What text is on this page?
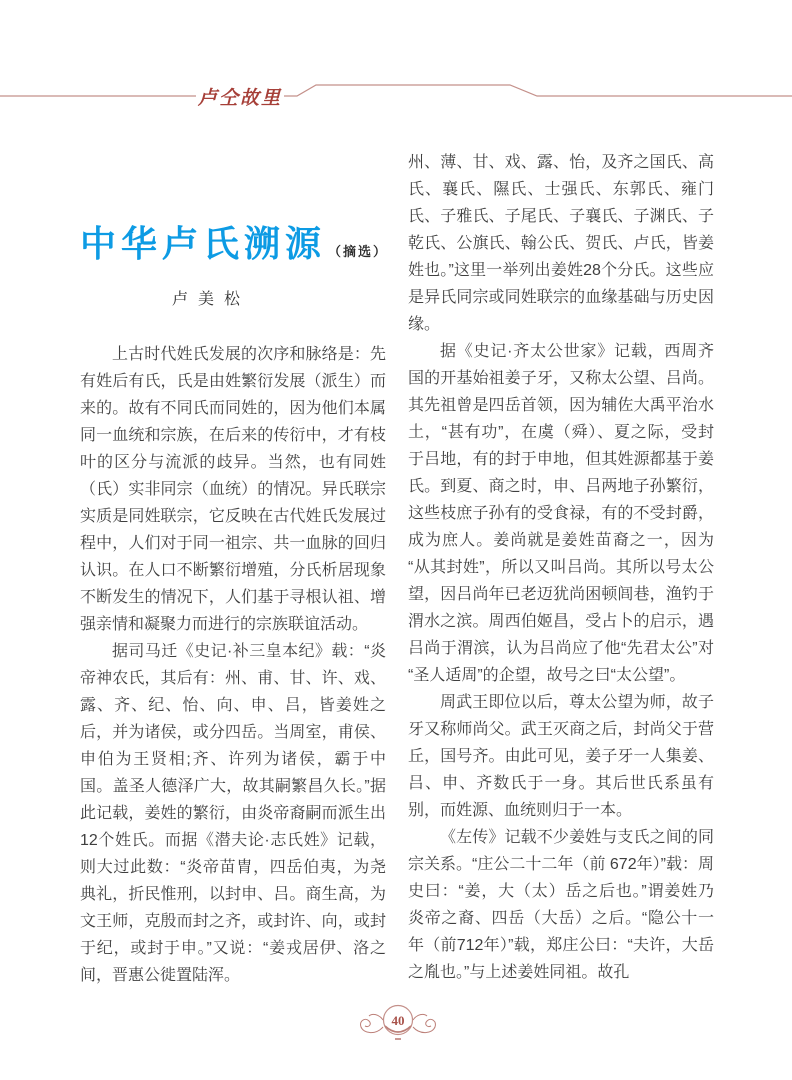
卢仝故里
中华卢氏溯源 （摘选）
卢美松

上古时代姓氏发展的次序和脉络是：先有姓后有氏，氏是由姓繁衍发展（派生）而来的。故有不同氏而同姓的，因为他们本属同一血统和宗族，在后来的传衍中，才有枝叶的区分与流派的歧异。当然，也有同姓（氏）实非同宗（血统）的情况。异氏联宗实质是同姓联宗，它反映在古代姓氏发展过程中，人们对于同一祖宗、共一血脉的回归认识。在人口不断繁衍增殖，分氏析居现象不断发生的情况下，人们基于寻根认祖、增强亲情和凝聚力而进行的宗族联谊活动。

据司马迁《史记·补三皇本纪》载：“炎帝神农氏，其后有：州、甫、甘、许、戏、露、齐、纪、怡、向、申、吕，皆姜姓之后，并为诸侯，或分四岳。当周室，甫侯、申伯为王贤相;齐、许列为诸侯，霸于中国。盖圣人德泽广大，故其嗣繁昌久长。”据此记载，姜姓的繁衍，由炎帝裔嗣而派生出12个姓氏。而据《潜夫论·志氏姓》记载，则大过此数：“炎帝苗胄，四岳伯夷，为尧典礼，折民惟刑，以封申、吕。商生高，为文王师，克殷而封之齐，或封许、向，或封于纪，或封于申。”又说：“姜戎居伊、洛之间，晋惠公徙置陆浑。

州、薄、甘、戏、露、怡，及齐之国氏、高氏、襄氏、隰氏、士强氏、东郭氏、雍门氏、子雅氏、子尾氏、子襄氏、子渊氏、子乾氏、公旗氏、翰公氏、贺氏、卢氏，皆姜姓也。”这里一举列出姜姓28个分氏。这些应是异氏同宗或同姓联宗的血缘基础与历史因缘。

据《史记·齐太公世家》记载，西周齐国的开基始祖姜子牙，又称太公望、吕尚。其先祖曾是四岳首领，因为辅佐大禹平治水土，“甚有功”，在虞（舜）、夏之际，受封于吕地，有的封于申地，但其姓源都基于姜氏。到夏、商之时，申、吕两地子孙繁衍，这些枝庶子孙有的受食禄，有的不受封爵，成为庶人。姜尚就是姜姓苗裔之一，因为“从其封姓”，所以又叫吕尚。其所以号太公望，因吕尚年已老迈犹尚困顿闾巷，渔钓于渭水之滨。周西伯姬昌，受占卜的启示，遇吕尚于渭滨，认为吕尚应了他“先君太公”对“圣人适周”的企望，故号之曰“太公望”。

周武王即位以后，尊太公望为师，故子牙又称师尚父。武王灭商之后，封尚父于营丘，国号齐。由此可见，姜子牙一人集姜、吕、申、齐数氏于一身。其后世氏系虽有别，而姓源、血统则归于一本。

《左传》记载不少姜姓与支氏之间的同宗关系。“庄公二十二年（前 672年）”载：周史曰：“姜，大（太）岳之后也。”谓姜姓乃炎帝之裔、四岳（大岳）之后。“隐公十一年（前712年）”载，郑庄公曰：“夫许，大岳之胤也。”与上述姜姓同祖。故孔

40
